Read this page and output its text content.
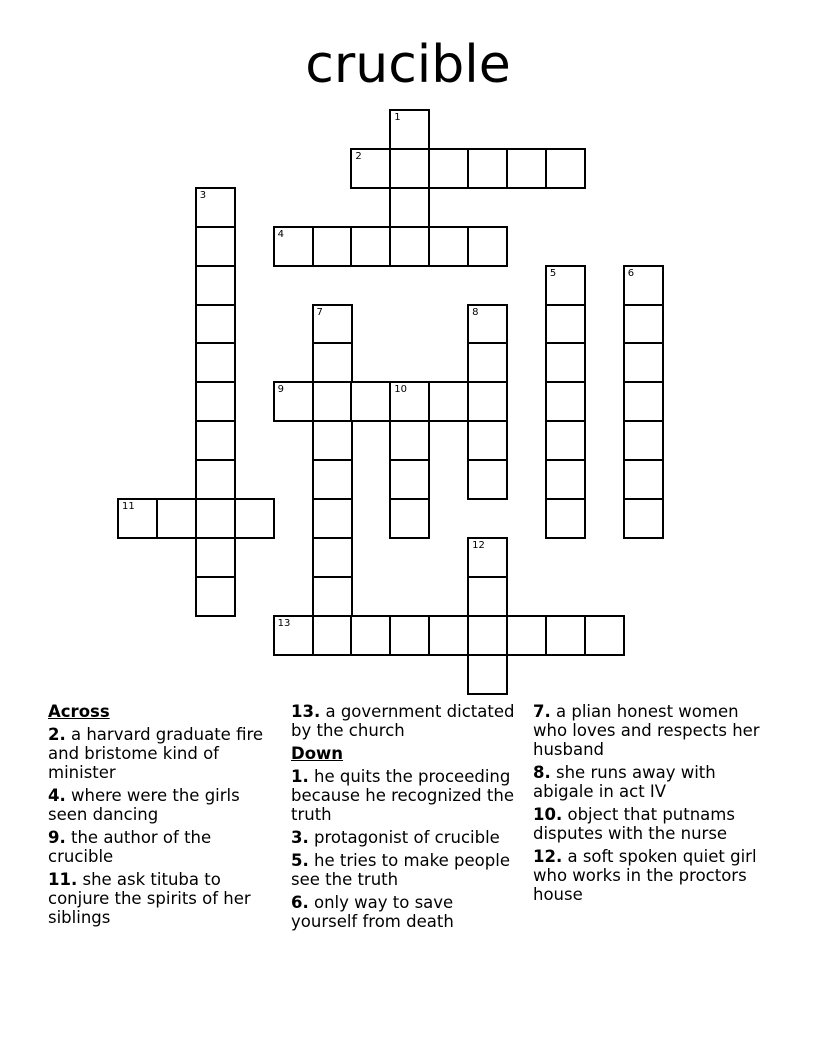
crucible
1
2
3
4
5	6
7	8
9	10
11
12
13
Across
2. a harvard graduate fire and bristome kind of minister
4. where were the girls seen dancing
9. the author of the crucible
11. she ask tituba to conjure the spirits of her siblings
13. a government dictated by the church
Down
1. he quits the proceeding because he recognized the truth
3. protagonist of crucible
5. he tries to make people see the truth
6. only way to save yourself from death
7. a plian honest women who loves and respects her husband
8. she runs away with abigale in act IV
10. object that putnams disputes with the nurse
12. a soft spoken quiet girl who works in the proctors house
